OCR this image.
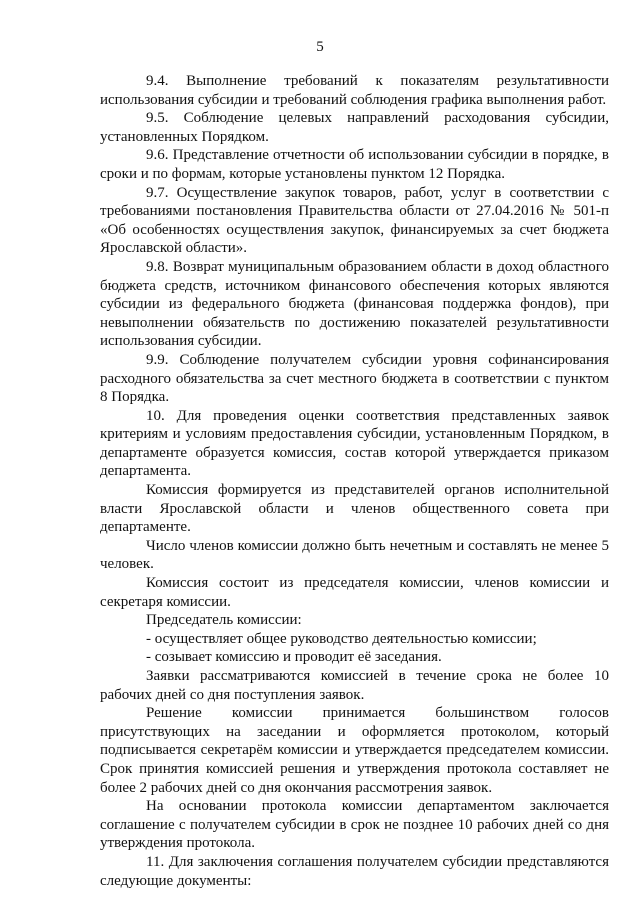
5

9.4. Выполнение требований к показателям результативности использования субсидии и требований соблюдения графика выполнения работ.

9.5. Соблюдение целевых направлений расходования субсидии, установленных Порядком.

9.6. Представление отчетности об использовании субсидии в порядке, в сроки и по формам, которые установлены пунктом 12 Порядка.

9.7. Осуществление закупок товаров, работ, услуг в соответствии с требованиями постановления Правительства области от 27.04.2016 № 501-п «Об особенностях осуществления закупок, финансируемых за счет бюджета Ярославской области».

9.8. Возврат муниципальным образованием области в доход областного бюджета средств, источником финансового обеспечения которых являются субсидии из федерального бюджета (финансовая поддержка фондов), при невыполнении обязательств по достижению показателей результативности использования субсидии.

9.9. Соблюдение получателем субсидии уровня софинансирования расходного обязательства за счет местного бюджета в соответствии с пунктом 8 Порядка.

10. Для проведения оценки соответствия представленных заявок критериям и условиям предоставления субсидии, установленным Порядком, в департаменте образуется комиссия, состав которой утверждается приказом департамента.

Комиссия формируется из представителей органов исполнительной власти Ярославской области и членов общественного совета при департаменте.

Число членов комиссии должно быть нечетным и составлять не менее 5 человек.

Комиссия состоит из председателя комиссии, членов комиссии и секретаря комиссии.

Председатель комиссии:

- осуществляет общее руководство деятельностью комиссии;

- созывает комиссию и проводит её заседания.

Заявки рассматриваются комиссией в течение срока не более 10 рабочих дней со дня поступления заявок.

Решение комиссии принимается большинством голосов присутствующих на заседании и оформляется протоколом, который подписывается секретарём комиссии и утверждается председателем комиссии. Срок принятия комиссией решения и утверждения протокола составляет не более 2 рабочих дней со дня окончания рассмотрения заявок.

На основании протокола комиссии департаментом заключается соглашение с получателем субсидии в срок не позднее 10 рабочих дней со дня утверждения протокола.

11. Для заключения соглашения получателем субсидии представляются следующие документы:
